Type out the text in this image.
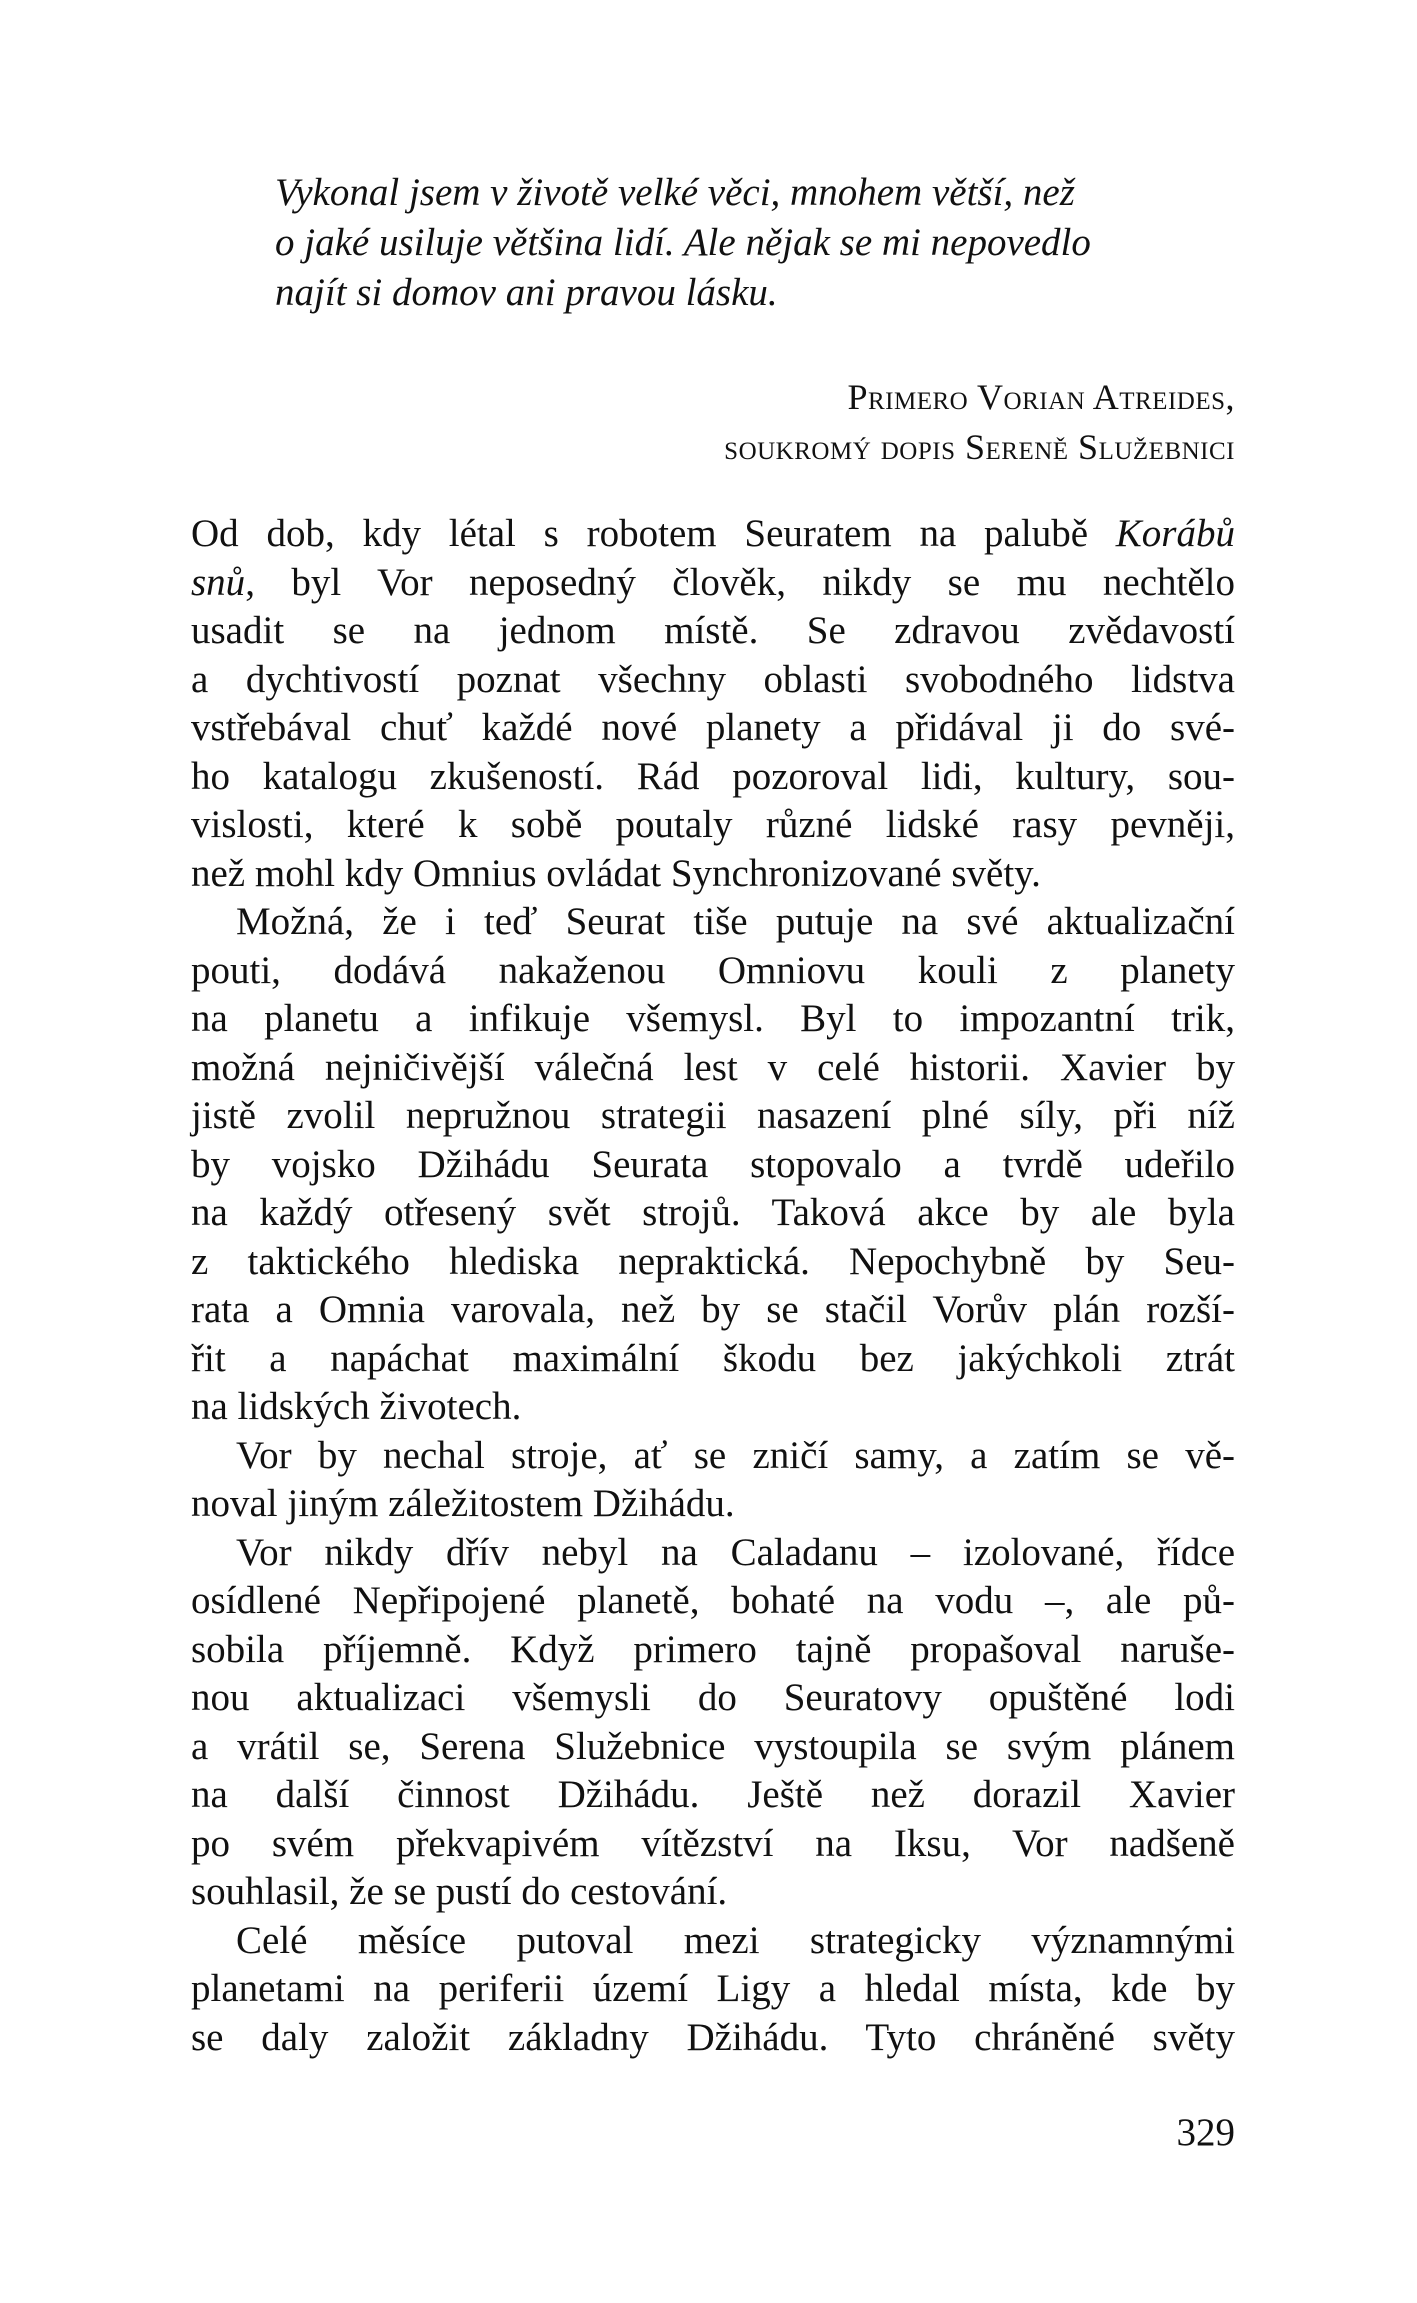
Vykonal jsem v životě velké věci, mnohem větší, než
o jaké usiluje většina lidí. Ale nějak se mi nepovedlo
najít si domov ani pravou lásku.
Primero Vorian Atreides,
soukromý dopis Sereně Služebnici
Od dob, kdy létal s robotem Seuratem na palubě Korábů
snů, byl Vor neposedný člověk, nikdy se mu nechtělo
usadit se na jednom místě. Se zdravou zvědavostí
a dychtivostí poznat všechny oblasti svobodného lidstva
vstřebával chuť každé nové planety a přidával ji do své-
ho katalogu zkušeností. Rád pozoroval lidi, kultury, sou-
vislosti, které k sobě poutaly různé lidské rasy pevněji,
než mohl kdy Omnius ovládat Synchronizované světy.
Možná, že i teď Seurat tiše putuje na své aktualizační
pouti, dodává nakaženou Omniovu kouli z planety
na planetu a infikuje všemysl. Byl to impozantní trik,
možná nejničivější válečná lest v celé historii. Xavier by
jistě zvolil nepružnou strategii nasazení plné síly, při níž
by vojsko Džihádu Seurata stopovalo a tvrdě udeřilo
na každý otřesený svět strojů. Taková akce by ale byla
z taktického hlediska nepraktická. Nepochybně by Seu-
rata a Omnia varovala, než by se stačil Vorův plán rozší-
řit a napáchat maximální škodu bez jakýchkoli ztrát
na lidských životech.
Vor by nechal stroje, ať se zničí samy, a zatím se vě-
noval jiným záležitostem Džihádu.
Vor nikdy dřív nebyl na Caladanu – izolované, řídce
osídlené Nepřipojené planetě, bohaté na vodu –, ale pů-
sobila příjemně. Když primero tajně propašoval naruše-
nou aktualizaci všemysli do Seuratovy opuštěné lodi
a vrátil se, Serena Služebnice vystoupila se svým plánem
na další činnost Džihádu. Ještě než dorazil Xavier
po svém překvapivém vítězství na Iksu, Vor nadšeně
souhlasil, že se pustí do cestování.
Celé měsíce putoval mezi strategicky významnými
planetami na periferii území Ligy a hledal místa, kde by
se daly založit základny Džihádu. Tyto chráněné světy
329
